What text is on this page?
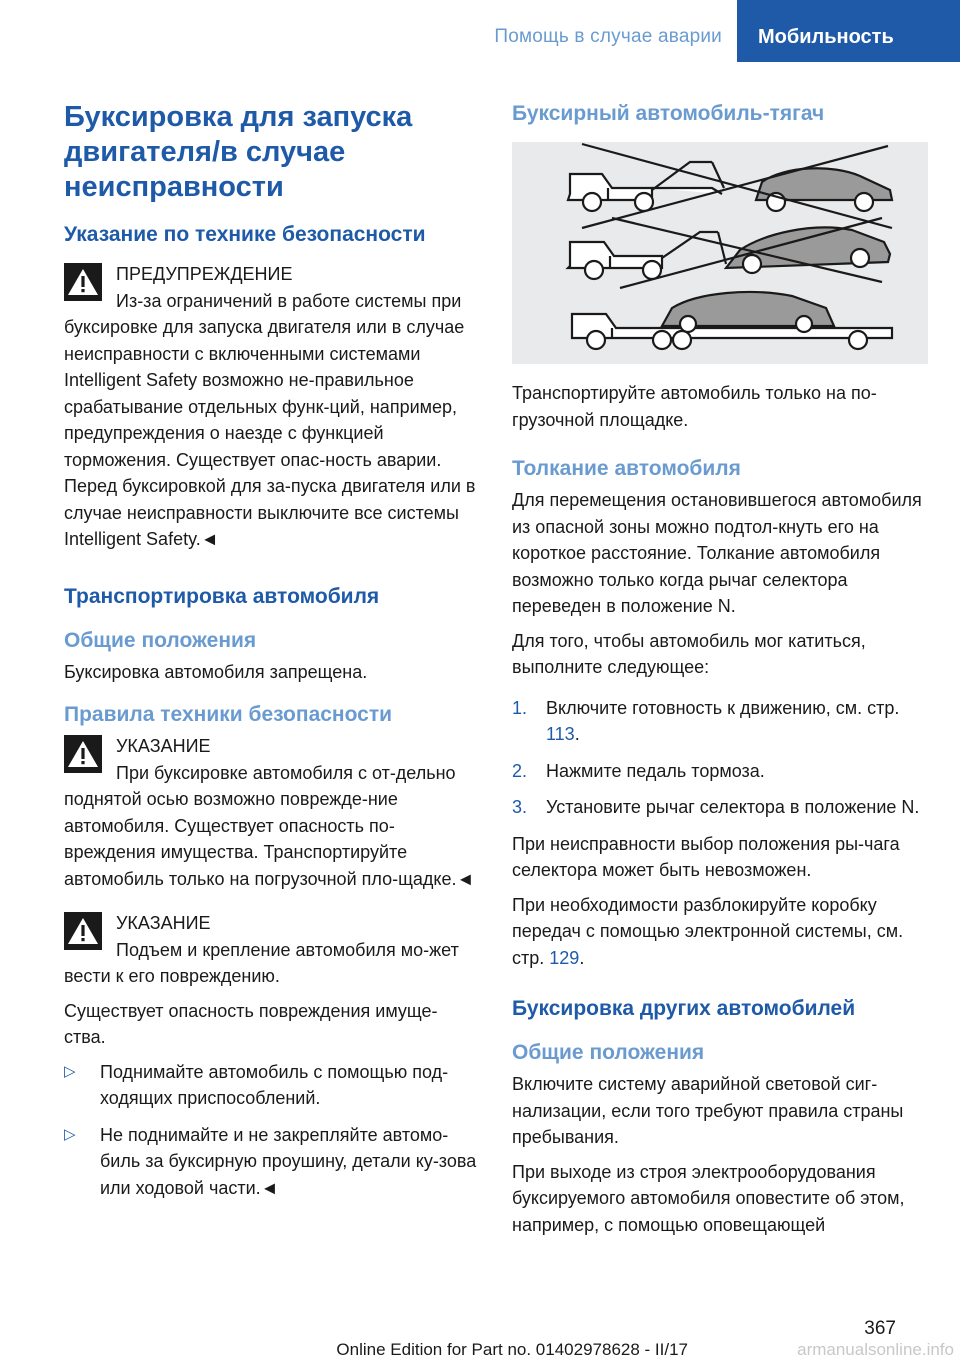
Помощь в случае аварии	Мобильность
Буксировка для запуска двигателя/в случае неисправности
Указание по технике безопасности
ПРЕДУПРЕЖДЕНИЕ
Из-за ограничений в работе системы при буксировке для запуска двигателя или в случае неисправности с включенными системами Intelligent Safety возможно не-правильное срабатывание отдельных функ-ций, например, предупреждения о наезде с функцией торможения. Существует опас-ность аварии. Перед буксировкой для за-пуска двигателя или в случае неисправности выключите все системы Intelligent Safety.◄
Транспортировка автомобиля
Общие положения

Буксировка автомобиля запрещена.

Правила техники безопасности
УКАЗАНИЕ
При буксировке автомобиля с от-дельно поднятой осью возможно поврежде-ние автомобиля. Существует опасность по-вреждения имущества. Транспортируйте автомобиль только на погрузочной пло-щадке.◄
УКАЗАНИЕ
Подъем и крепление автомобиля мо-жет вести к его повреждению.

Существует опасность повреждения имуще-ства.

▷ Поднимайте автомобиль с помощью под-ходящих приспособлений.
▷ Не поднимайте и не закрепляйте автомо-биль за буксирную проушину, детали ку-зова или ходовой части.◄
Буксирный автомобиль-тягач

Транспортируйте автомобиль только на по-грузочной площадке.

Толкание автомобиля

Для перемещения остановившегося автомобиля из опасной зоны можно подтол-кнуть его на короткое расстояние. Толкание автомобиля возможно только когда рычаг селектора переведен в положение N.

Для того, чтобы автомобиль мог катиться, выполните следующее:

1. Включите готовность к движению, см. стр. 113.
2. Нажмите педаль тормоза.
3. Установите рычаг селектора в положение N.

При неисправности выбор положения ры-чага селектора может быть невозможен.

При необходимости разблокируйте коробку передач с помощью электронной системы, см. стр. 129.

Буксировка других автомобилей
Общие положения

Включите систему аварийной световой сиг-нализации, если того требуют правила страны пребывания.

При выходе из строя электрооборудования буксируемого автомобиля оповестите об этом, например, с помощью оповещающей

367
Online Edition for Part no. 01402978628 - II/17	armanualsonline.info
